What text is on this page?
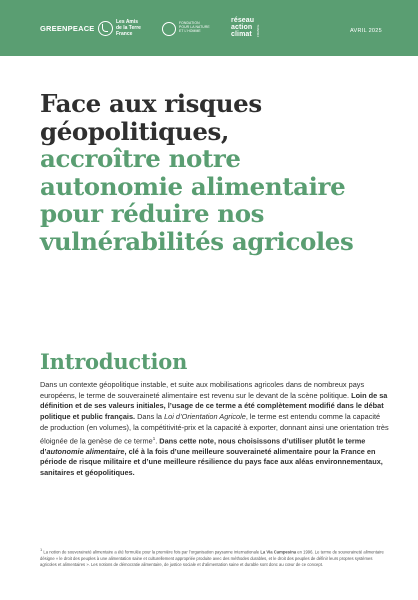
GREENPEACE
Les Amis
de la Terre
France
FONDATION
POUR LA NATURE
ET L'HOMME
réseau
action
climat	FRANCE	AVRIL 2025
Face aux risques
géopolitiques,
accroître notre
autonomie alimentaire
pour réduire nos
vulnérabilités agricoles
Introduction

Dans un contexte géopolitique instable, et suite aux mobilisations agricoles dans de nombreux pays européens, le terme de souveraineté alimentaire est revenu sur le devant de la scène politique. Loin de sa définition et de ses valeurs initiales, l’usage de ce terme a été complètement modifié dans le débat politique et public français. Dans la Loi d’Orientation Agricole, le terme est entendu comme la capacité de production (en volumes), la compétitivité-prix et la capacité à exporter, donnant ainsi une orientation très éloignée de la genèse de ce terme$^1$. Dans cette note, nous choisissons d’utiliser plutôt le terme d’autonomie alimentaire, clé à la fois d’une meilleure souveraineté alimentaire pour la France en période de risque militaire et d’une meilleure résilience du pays face aux aléas environnementaux, sanitaires et géopolitiques.

$^1$ La notion de souveraineté alimentaire a été formulée pour la première fois par l’organisation paysanne internationale La Via Campesina en 1996. Le terme de souveraineté alimentaire désigne « le droit des peuples à une alimentation saine et culturellement appropriée produite avec des méthodes durables, et le droit des peuples de définir leurs propres systèmes agricoles et alimentaires ». Les notions de démocratie alimentaire, de justice sociale et d’alimentation saine et durable sont donc au cœur de ce concept.
